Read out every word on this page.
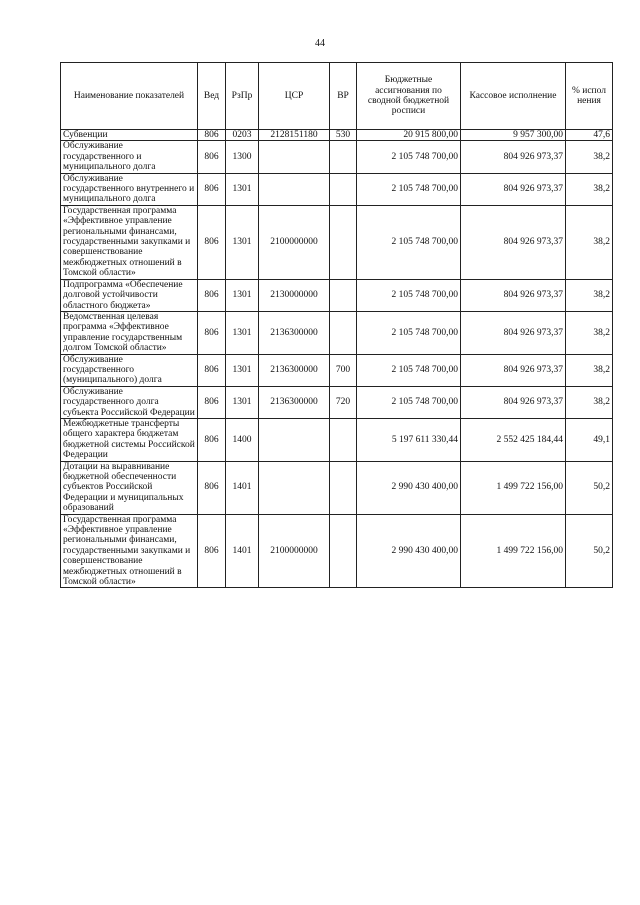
44
Наименование показателей	Вед	РзПр	ЦСР	ВР	Бюджетные ассигнования по сводной бюджетной росписи	Кассовое исполнение	% испол нения
Субвенции	806	0203	2128151180	530	20 915 800,00	9 957 300,00	47,6
Обслуживание государственного и муниципального долга	806	1300			2 105 748 700,00	804 926 973,37	38,2
Обслуживание государственного внутреннего и муниципального долга	806	1301			2 105 748 700,00	804 926 973,37	38,2
Государственная программа «Эффективное управление региональными финансами, государственными закупками и совершенствование межбюджетных отношений в Томской области»	806	1301	2100000000		2 105 748 700,00	804 926 973,37	38,2
Подпрограмма «Обеспечение долговой устойчивости областного бюджета»	806	1301	2130000000		2 105 748 700,00	804 926 973,37	38,2
Ведомственная целевая программа «Эффективное управление государственным долгом Томской области»	806	1301	2136300000		2 105 748 700,00	804 926 973,37	38,2
Обслуживание государственного (муниципального) долга	806	1301	2136300000	700	2 105 748 700,00	804 926 973,37	38,2
Обслуживание государственного долга субъекта Российской Федерации	806	1301	2136300000	720	2 105 748 700,00	804 926 973,37	38,2
Межбюджетные трансферты общего характера бюджетам бюджетной системы Российской Федерации	806	1400			5 197 611 330,44	2 552 425 184,44	49,1
Дотации на выравнивание бюджетной обеспеченности субъектов Российской Федерации и муниципальных образований	806	1401			2 990 430 400,00	1 499 722 156,00	50,2
Государственная программа «Эффективное управление региональными финансами, государственными закупками и совершенствование межбюджетных отношений в Томской области»	806	1401	2100000000		2 990 430 400,00	1 499 722 156,00	50,2
